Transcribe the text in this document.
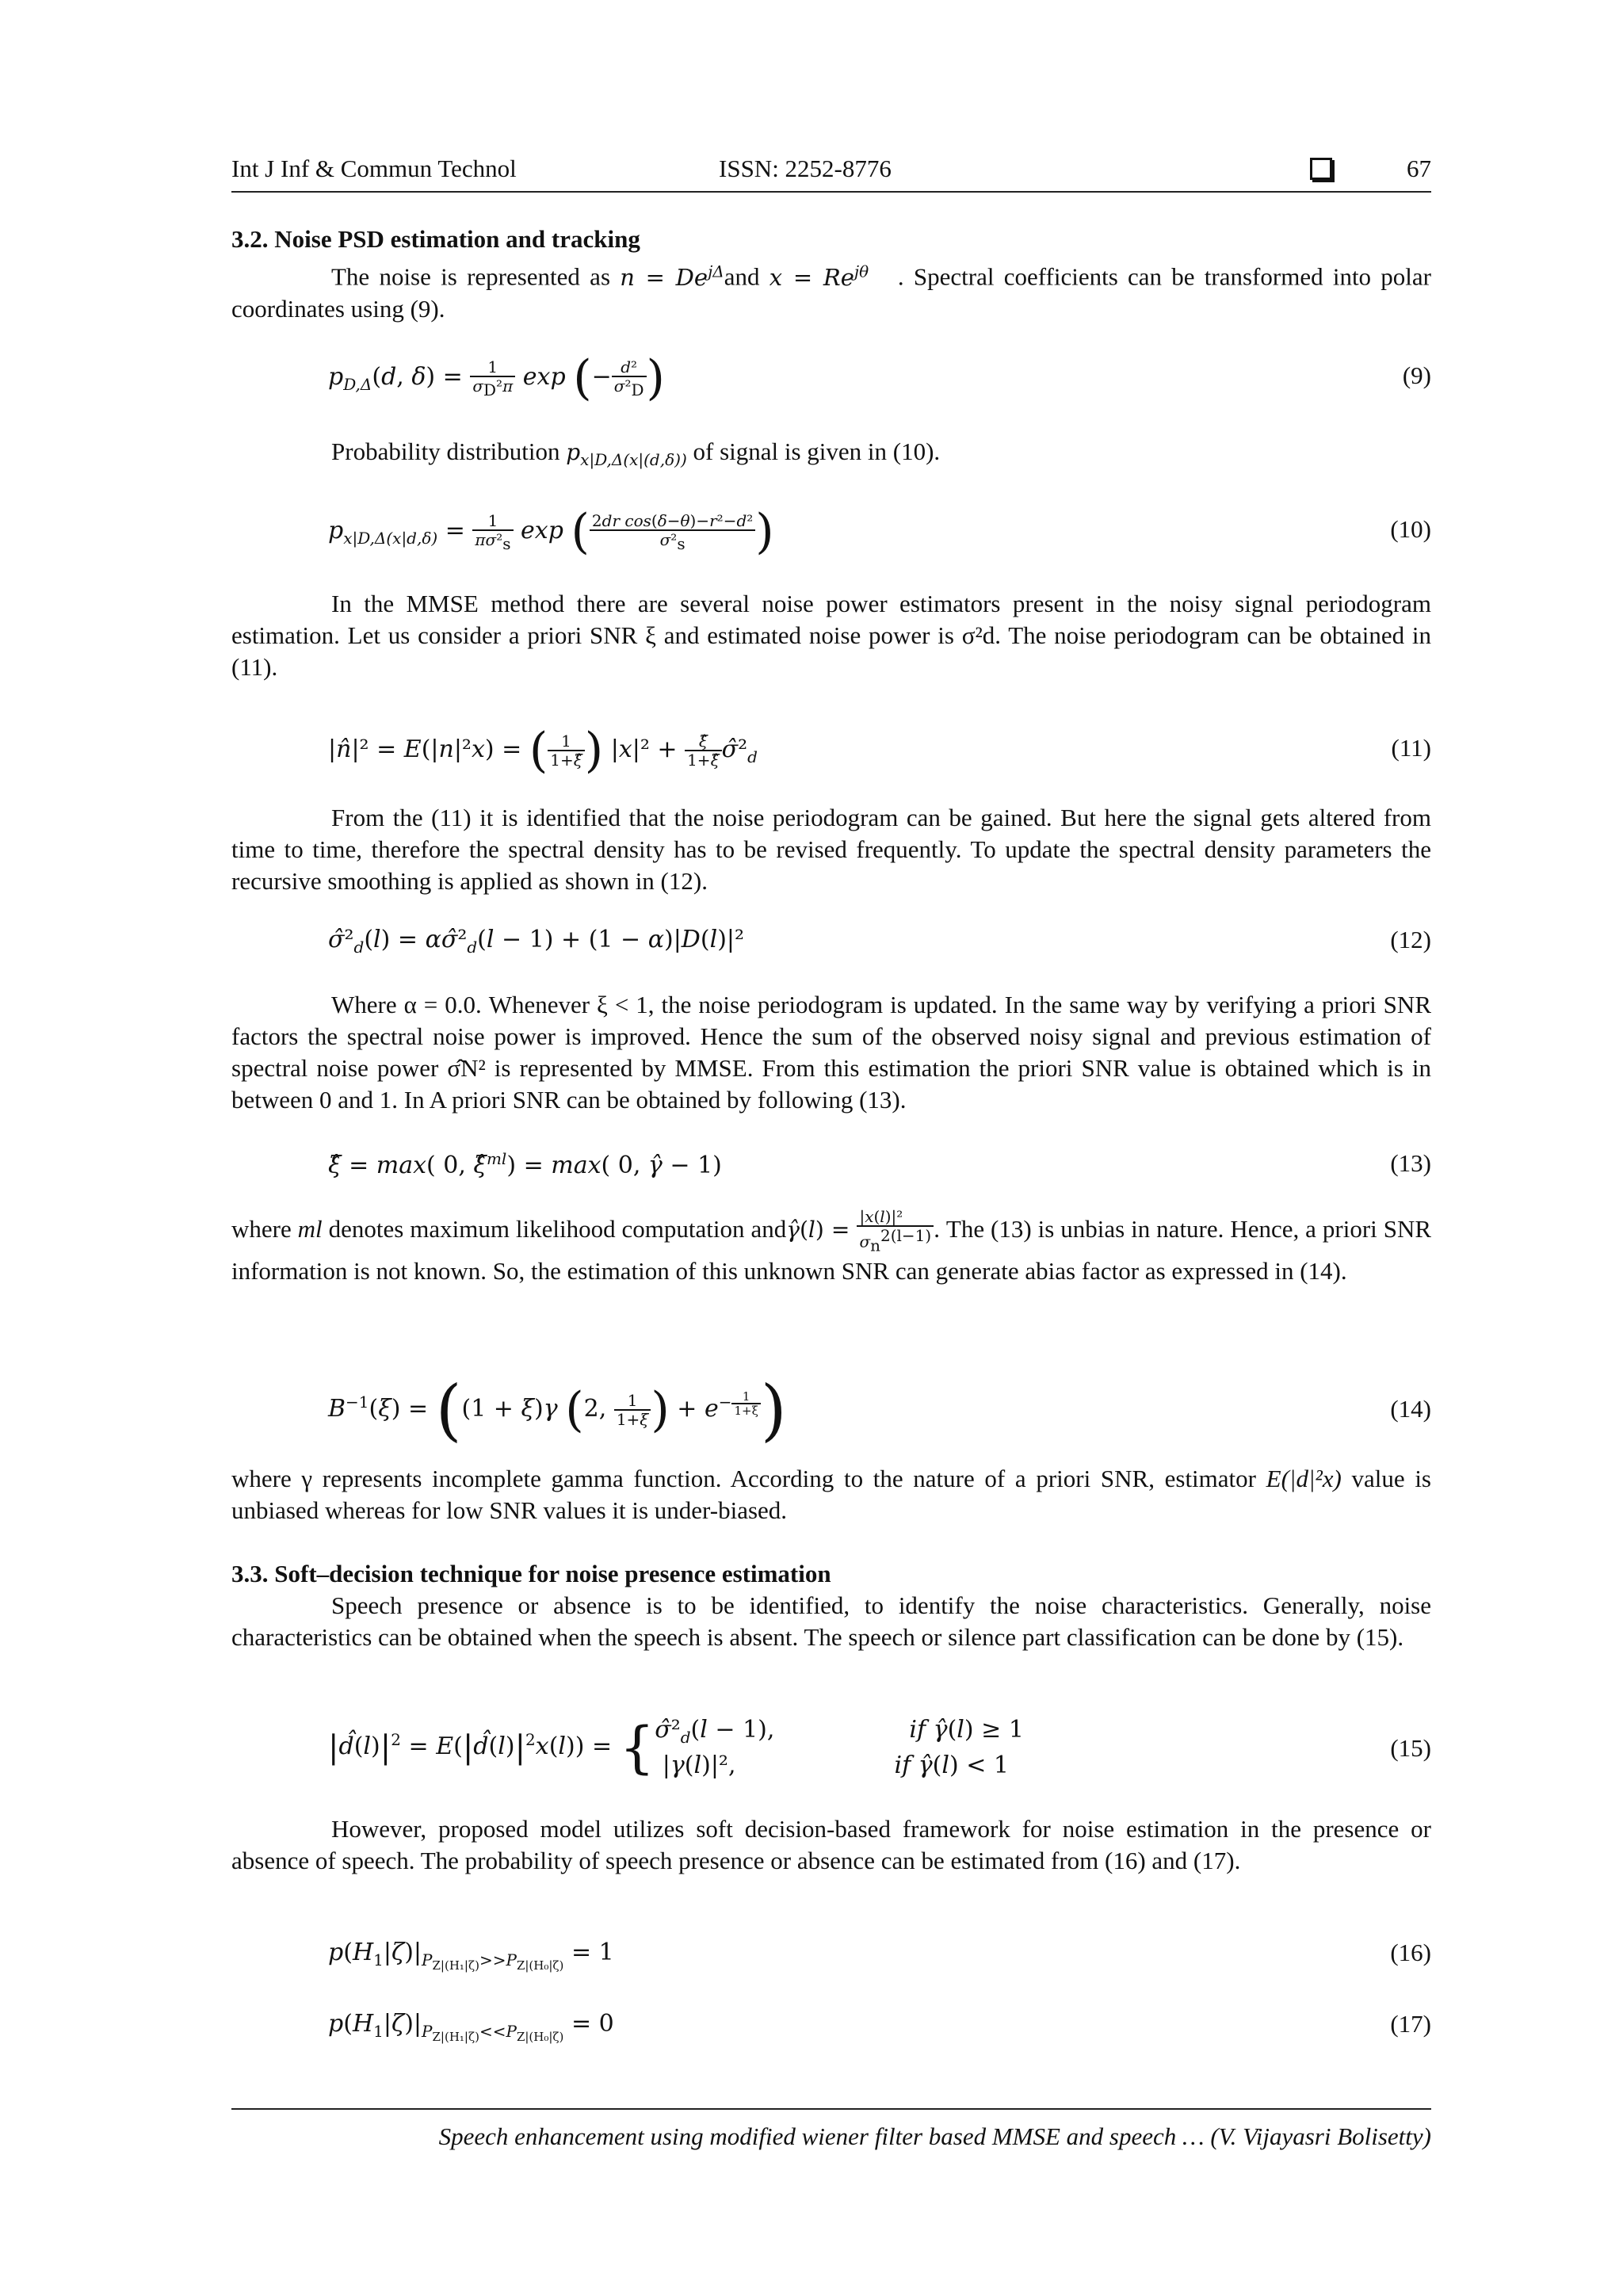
Int J Inf & Commun Technol	ISSN: 2252-8776	67
3.2. Noise PSD estimation and tracking
The noise is represented as $n = De^{j\Delta}and$ $x = Re^{j\theta}$ . Spectral coefficients can be transformed into polar coordinates using (9).
$p_{D,\Delta}(d$, $\delta) = \frac{1}{\sigma_D^2\pi}$ exp (− $\frac{\text{d²}}{\sigma^2_D}$ )	(9)
Probability distribution $p_{x|D,\Delta(x|(d,\delta))}$ of signal is given in (10).
$p_{x|D,\Delta(x|d,\delta)} = \frac{1}{\pi\sigma^2_s}$ exp ( $\frac{\text{2dr cos(δ−θ)−r²−d²}}{\sigma^2_s}$ )	(10)
In the MMSE method there are several noise power estimators present in the noisy signal periodogram estimation. Let us consider a priori SNR ξ and estimated noise power is σ²d. The noise periodogram can be obtained in (11).
|n̂|² = E(|n|²x) = ( $\frac{1}{1+\xî}$ ) $|x|^2 + \frac{\xî}{1+\xî}$ $\sigmâ^2_d$	(11)
From the (11) it is identified that the noise periodogram can be gained. But here the signal gets altered from time to time, therefore the spectral density has to be revised frequently. To update the spectral density parameters the recursive smoothing is applied as shown in (12).
$\sigmâ^2_d(l)$ = $\alpha\sigmâ^2_d(l - 1) + (1 - \alpha)|D(l)|^2$	(12)
Where α = 0.0. Whenever ξ < 1, the noise periodogram is updated. In the same way by verifying a priori SNR factors the spectral noise power is improved. Hence the sum of the observed noisy signal and previous estimation of spectral noise power σ̂N² is represented by MMSE. From this estimation the priori SNR value is obtained which is in between 0 and 1. In A priori SNR can be obtained by following (13).
ξ̂ = max( 0, ξ̂$^{ml}$) = max( 0, γ̂ − 1)	(13)
where ml denotes maximum likelihood computation andγ̂(l) = $\frac{\text{|x(l)|²}}{\sigma_n^{2(l-1)}}$ . The (13) is unbias in nature. Hence, a priori SNR information is not known. So, the estimation of this unknown SNR can generate abias factor as expressed in (14).
$B^{-1}(\xi) = ((1 + \xi)\gamma$ (2, $\frac{1}{1+\xi}$ ) + $e^{- \frac{1}{1+\xi}}$ )	(14)
where γ represents incomplete gamma function. According to the nature of a priori SNR, estimator E(|d|²x) value is unbiased whereas for low SNR values it is under-biased.
3.3. Soft–decision technique for noise presence estimation
Speech presence or absence is to be identified, to identify the noise characteristics. Generally, noise characteristics can be obtained when the speech is absent. The speech or silence part classification can be done by (15).
$|d̂(l)|^2$ = $E(|d̂(l)|^2x(l))$ = { $\sigmâ^2_d(l - 1)$,	if γ̂(l) ≥ 1
|γ(l)|²,	if γ̂(l) < 1
(15)
However, proposed model utilizes soft decision-based framework for noise estimation in the presence or absence of speech. The probability of speech presence or absence can be estimated from (16) and (17).
$p(H_1|\zeta)|_{P_{Z|(H_1|\zeta)}>>P_{Z|(H_0|\zeta)}} = 1$	(16)
$p(H_1|\zeta)|_{P_{Z|(H_1|\zeta)}<<P_{Z|(H_0|\zeta)}} = 0$	(17)
Speech enhancement using modified wiener filter based MMSE and speech … (V. Vijayasri Bolisetty)
